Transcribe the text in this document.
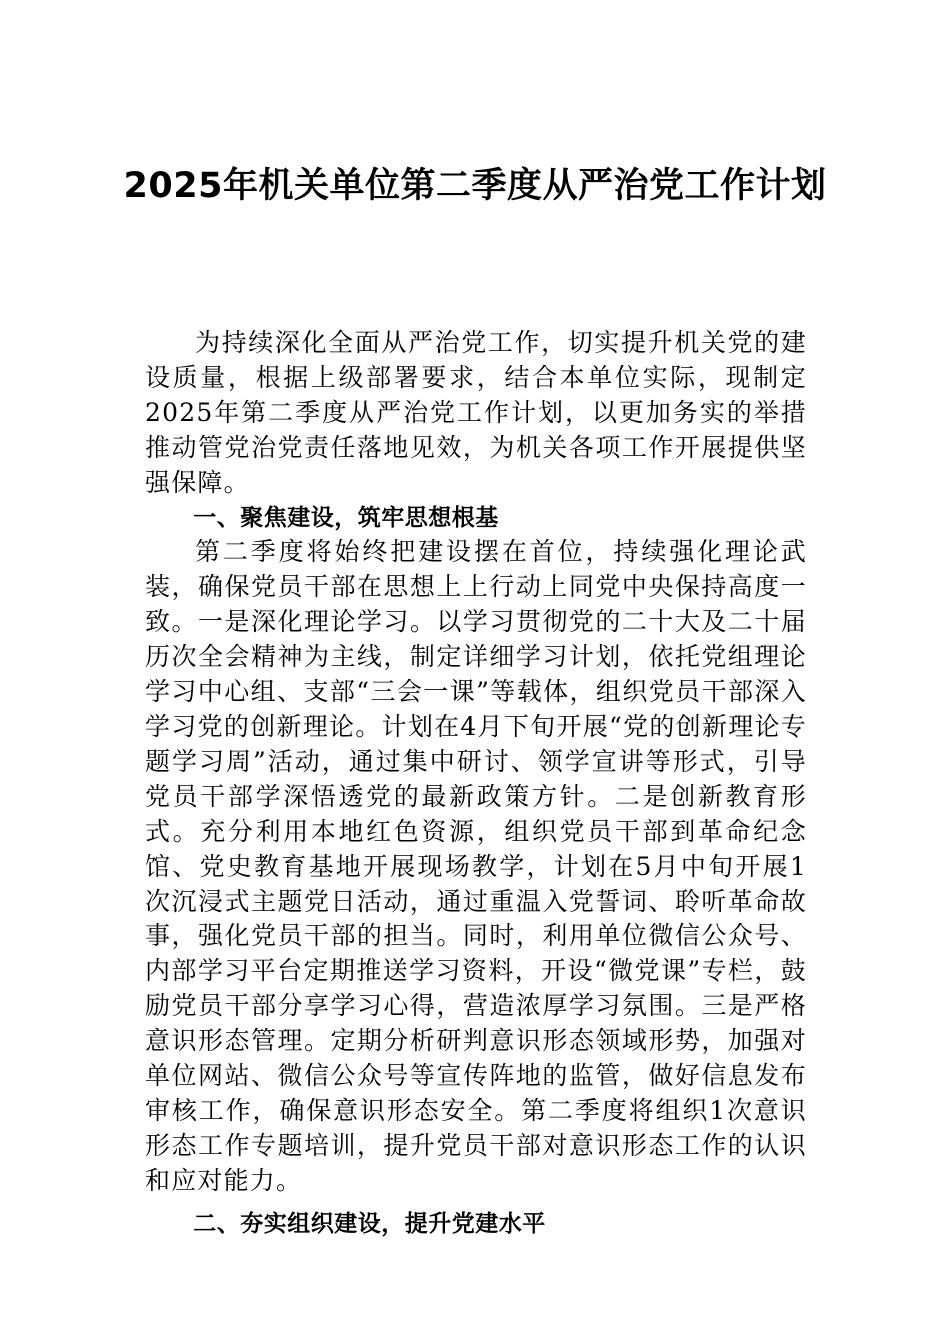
2025年机关单位第二季度从严治党工作计划

为持续深化全面从严治党工作，切实提升机关党的建设质量，根据上级部署要求，结合本单位实际，现制定2025年第二季度从严治党工作计划，以更加务实的举措推动管党治党责任落地见效，为机关各项工作开展提供坚强保障。

一、聚焦建设，筑牢思想根基

第二季度将始终把建设摆在首位，持续强化理论武装，确保党员干部在思想上上行动上同党中央保持高度一致。一是深化理论学习。以学习贯彻党的二十大及二十届历次全会精神为主线，制定详细学习计划，依托党组理论学习中心组、支部“三会一课”等载体，组织党员干部深入学习党的创新理论。计划在4月下旬开展“党的创新理论专题学习周”活动，通过集中研讨、领学宣讲等形式，引导党员干部学深悟透党的最新政策方针。二是创新教育形式。充分利用本地红色资源，组织党员干部到革命纪念馆、党史教育基地开展现场教学，计划在5月中旬开展1次沉浸式主题党日活动，通过重温入党誓词、聆听革命故事，强化党员干部的担当。同时，利用单位微信公众号、内部学习平台定期推送学习资料，开设“微党课”专栏，鼓励党员干部分享学习心得，营造浓厚学习氛围。三是严格意识形态管理。定期分析研判意识形态领域形势，加强对单位网站、微信公众号等宣传阵地的监管，做好信息发布审核工作，确保意识形态安全。第二季度将组织1次意识形态工作专题培训，提升党员干部对意识形态工作的认识和应对能力。

二、夯实组织建设，提升党建水平
